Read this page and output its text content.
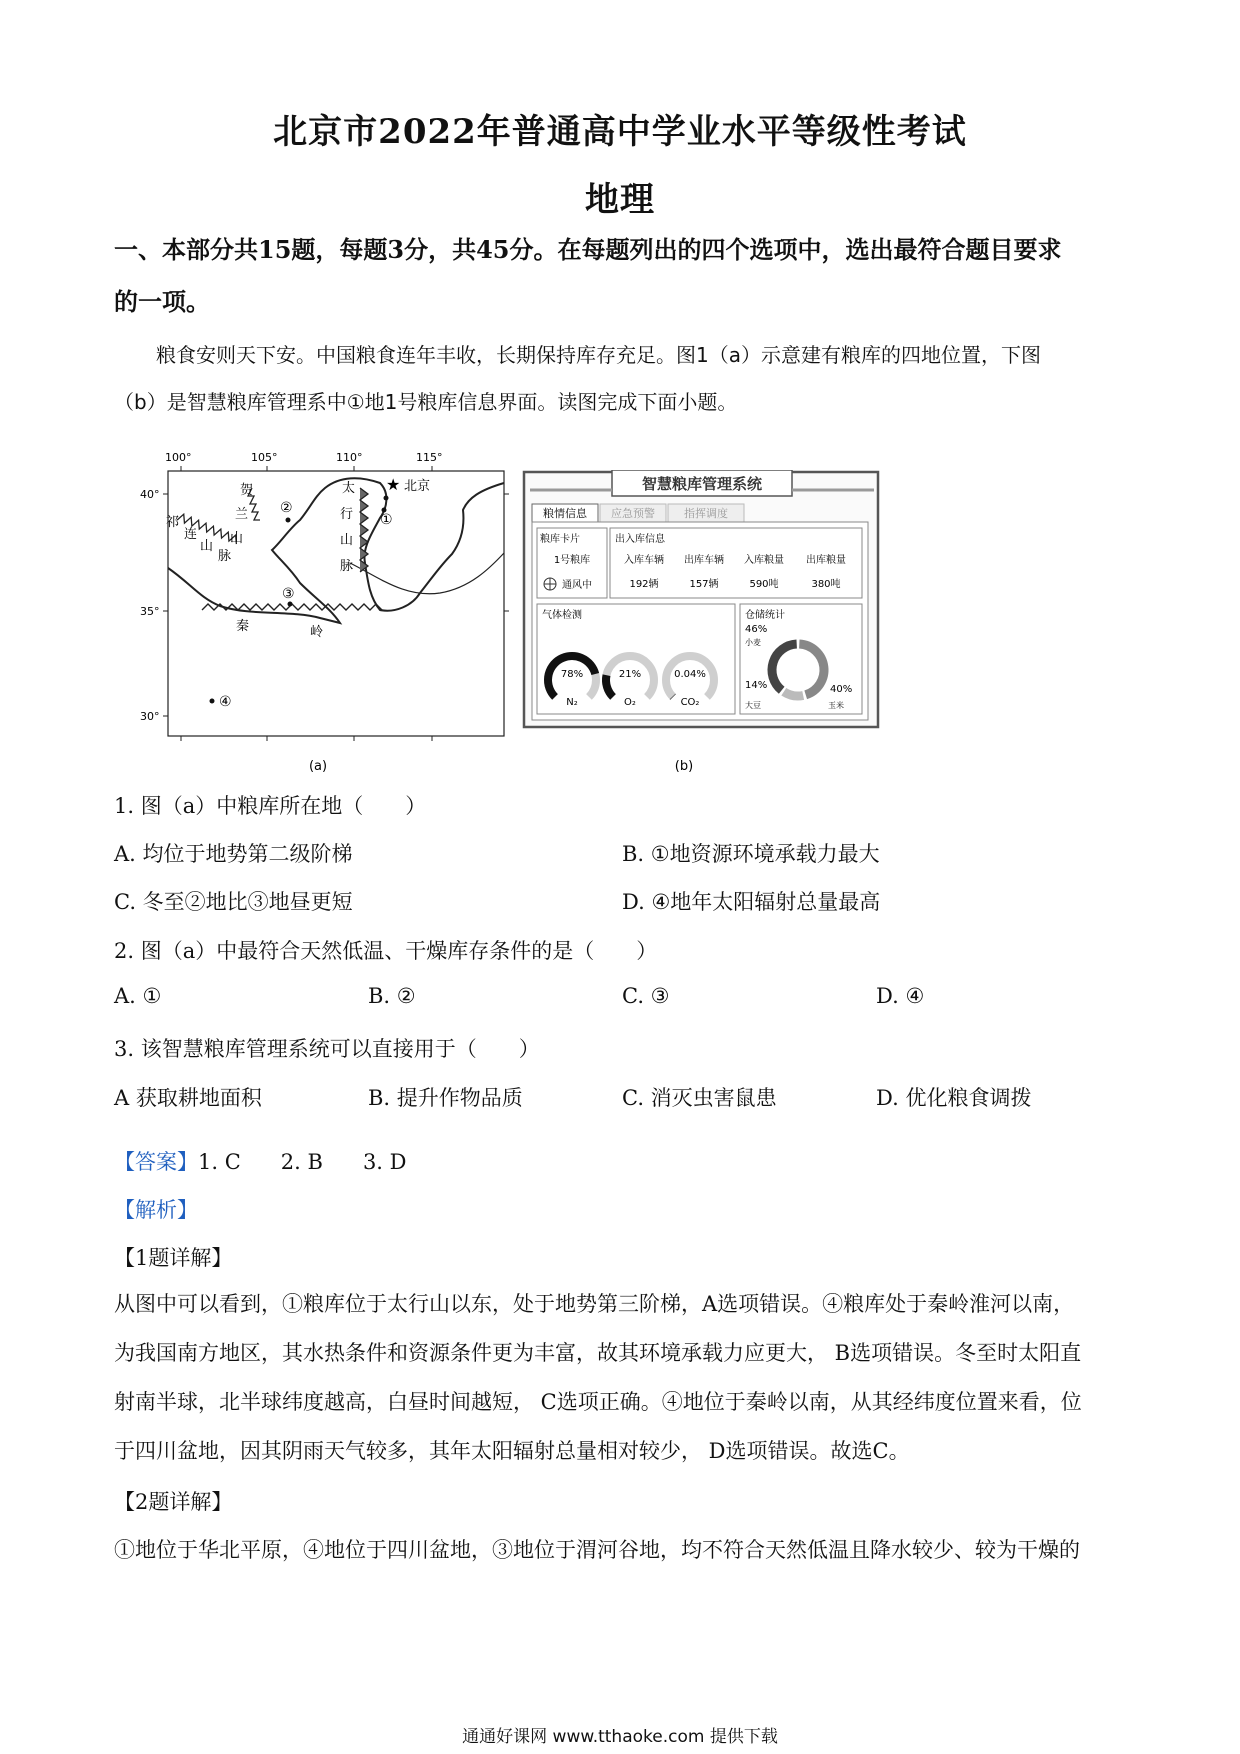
北京市2022年普通高中学业水平等级性考试
地理
一、本部分共15题，每题3分，共45分。在每题列出的四个选项中，选出最符合题目要求
的一项。
粮食安则天下安。中国粮食连年丰收，长期保持库存充足。图1（a）示意建有粮库的四地位置，下图
（b）是智慧粮库管理系中①地1号粮库信息界面。读图完成下面小题。
100°	105°	110°	115°
40°
35°
30°
祁
连
山
脉
贺
兰
山
太
行
山
脉
秦	岭
★ 北京
①
②
③
④
(a)
智慧粮库管理系统
粮情信息 应急预警	指挥调度
粮库卡片
1号粮库
通风中
出入库信息
入库车辆 出库车辆 入库粮量 出库粮量
192辆	157辆	590吨	380吨
气体检测
78%
N₂
21%
O₂
0.04%
CO₂
仓储统计
46%
小麦
14%
大豆
40%
玉米
(b)
1. 图（a）中粮库所在地（　　）
A. 均位于地势第二级阶梯	B. ①地资源环境承载力最大
C. 冬至②地比③地昼更短	D. ④地年太阳辐射总量最高
2. 图（a）中最符合天然低温、干燥库存条件的是（　　）
A. ①	B. ②	C. ③	D. ④
3. 该智慧粮库管理系统可以直接用于（　　）
A 获取耕地面积	B. 提升作物品质	C. 消灭虫害鼠患	D. 优化粮食调拨
【答案】1. C 2. B 3. D
【解析】
【1题详解】
从图中可以看到，①粮库位于太行山以东，处于地势第三阶梯，A选项错误。④粮库处于秦岭淮河以南，
为我国南方地区，其水热条件和资源条件更为丰富，故其环境承载力应更大， B选项错误。冬至时太阳直
射南半球，北半球纬度越高，白昼时间越短， C选项正确。④地位于秦岭以南，从其经纬度位置来看，位
于四川盆地，因其阴雨天气较多，其年太阳辐射总量相对较少， D选项错误。故选C。
【2题详解】
①地位于华北平原，④地位于四川盆地，③地位于渭河谷地，均不符合天然低温且降水较少、较为干燥的
通通好课网 www.tthaoke.com 提供下载
